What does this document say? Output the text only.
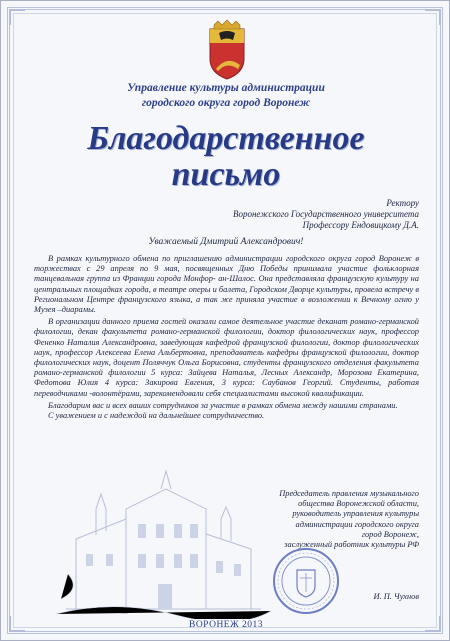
Управление культуры администрации
городского округа город Воронеж
Благодарственное
письмо
Ректору
Воронежского Государственного университета
Профессору Ендовицкому Д.А.
Уважаемый Дмитрий Александрович!

В рамках культурного обмена по приглашению администрации городского округа город Воронеж в торжествах с 29 апреля по 9 мая, посвященных Дню Победы принимала участие фольклорная танцевальная группа из Франции города Монфор- ан-Шалос. Она представляла французскую культуру на центральных площадках города, в театре оперы и балета, Городском Дворце культуры, провела встречу в Региональном Центре французского языка, а так же приняла участие в возложении к Вечному огню у Музея –диарамы.

В организации данного приема гостей оказали самое деятельное участие деканат романо-германской филологии, декан факультета романо-германской филологии, доктор филологических наук, профессор Фененко Наталия Александровна, заведующая кафедрой французской филологии, доктор филологических наук, профессор Алексеева Елена Альбертовна, преподаватель кафедры французской филологии, доктор филологических наук, доцент Поляччук Ольга Борисовна, студенты французского отделения факультета романо-германской филологии 5 курса: Зайцева Наталья, Лесных Александр, Морозова Екатерина, Федотова Юлия 4 курса: Закирова Евгения, 3 курса: Саубанов Георгий. Студенты, работая переводчиками -волонтёрами, зарекомендовали себя специалистами высокой квалификации.

Благодарим вас и всех ваших сотрудников за участие в рамках обмена между нашими странами.

С уважением и с надеждой на дальнейшее сотрудничество.

Председатель правления музыкального
общества Воронежской области,
руководитель управления культуры
администрации городского округа
город Воронеж,
заслуженный работник культуры РФ
И. П. Чухнов
ВОРОНЕЖ 2013
